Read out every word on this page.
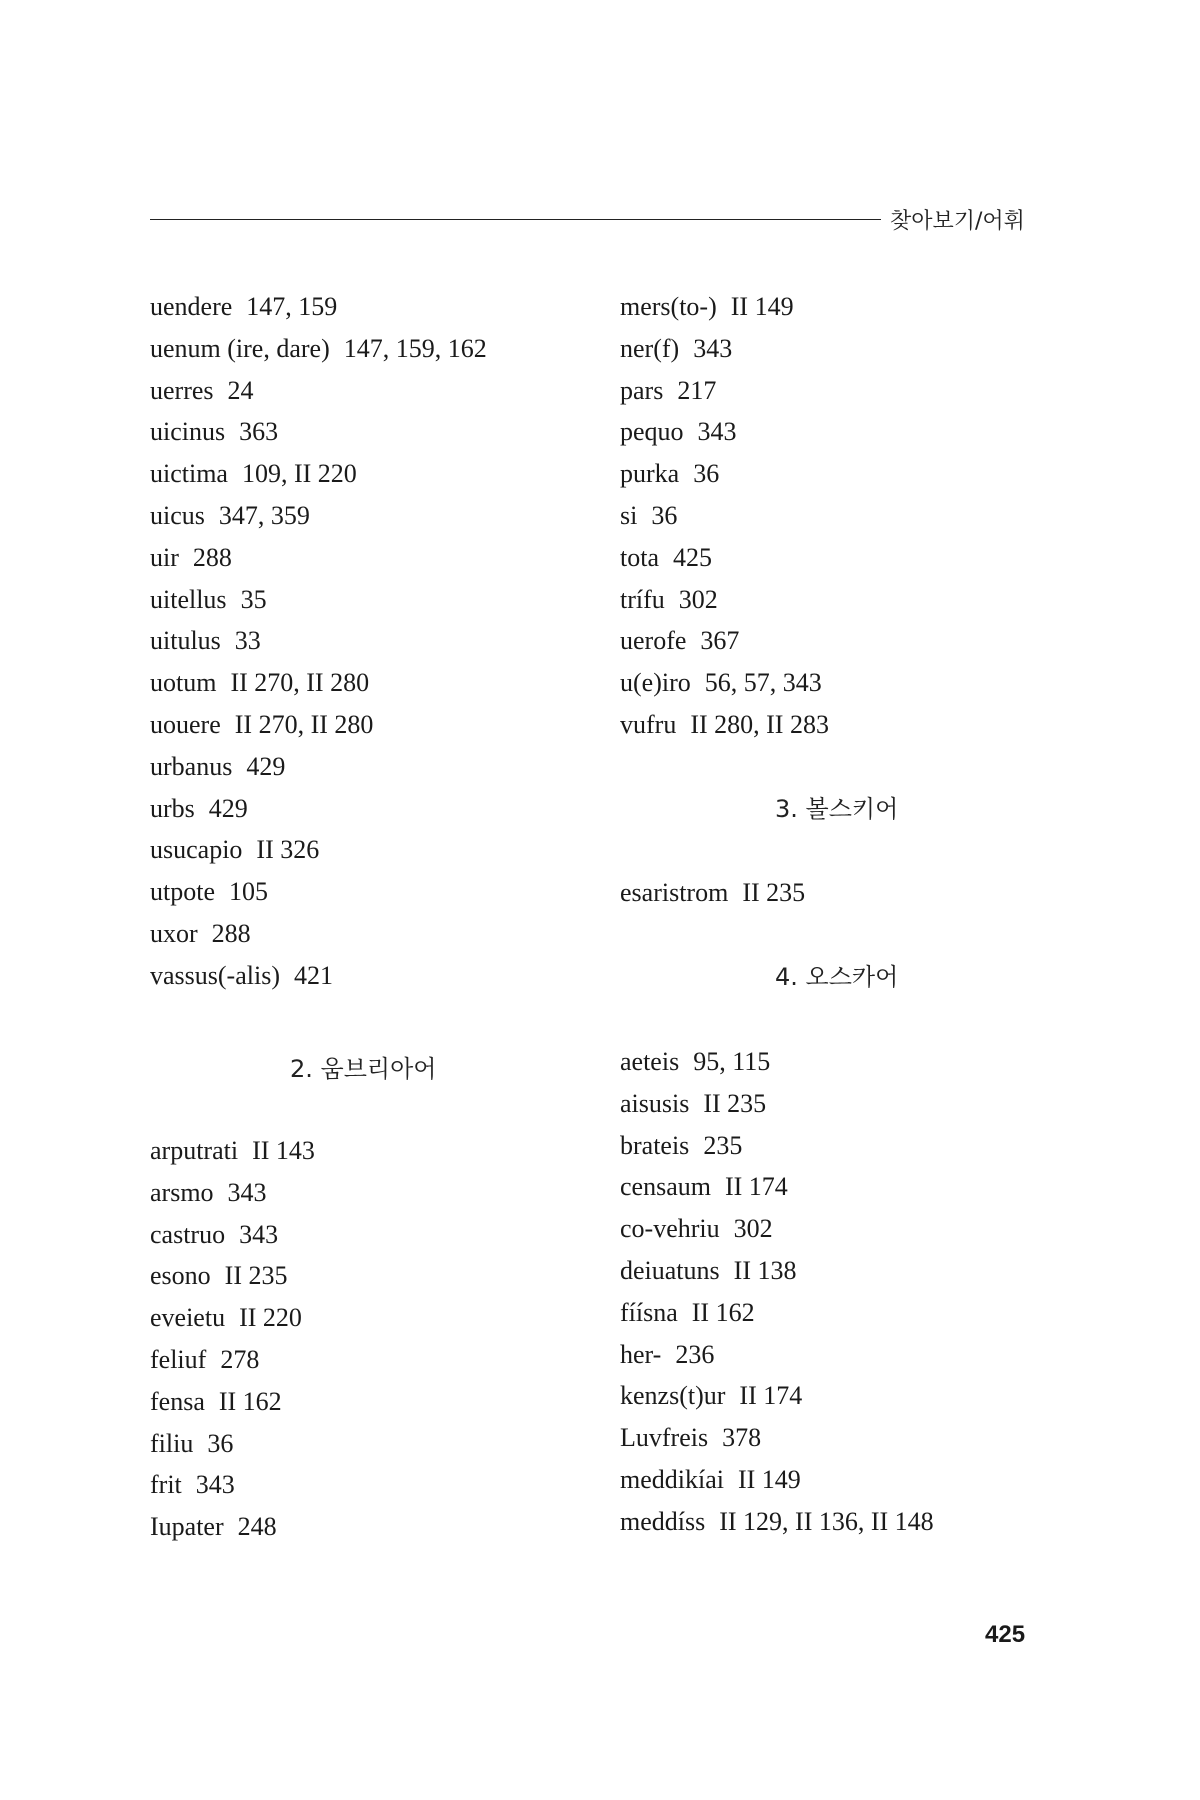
찾아보기/어휘
uendere 147, 159
uenum (ire, dare) 147, 159, 162
uerres 24
uicinus 363
uictima 109, II 220
uicus 347, 359
uir 288
uitellus 35
uitulus 33
uotum II 270, II 280
uouere II 270, II 280
urbanus 429
urbs 429
usucapio II 326
utpote 105
uxor 288
vassus(-alis) 421
2. 움브리아어
arputrati II 143
arsmo 343
castruo 343
esono II 235
eveietu II 220
feliuf 278
fensa II 162
filiu 36
frit 343
Iupater 248
mers(to-) II 149
ner(f) 343
pars 217
pequo 343
purka 36
si 36
tota 425
trífu 302
uerofe 367
u(e)iro 56, 57, 343
vufru II 280, II 283
3. 볼스키어
esaristrom II 235
4. 오스카어
aeteis 95, 115
aisusis II 235
brateis 235
censaum II 174
co-vehriu 302
deiuatuns II 138
fíísna II 162
her- 236
kenzs(t)ur II 174
Luvfreis 378
meddikíai II 149
meddíss II 129, II 136, II 148
425
